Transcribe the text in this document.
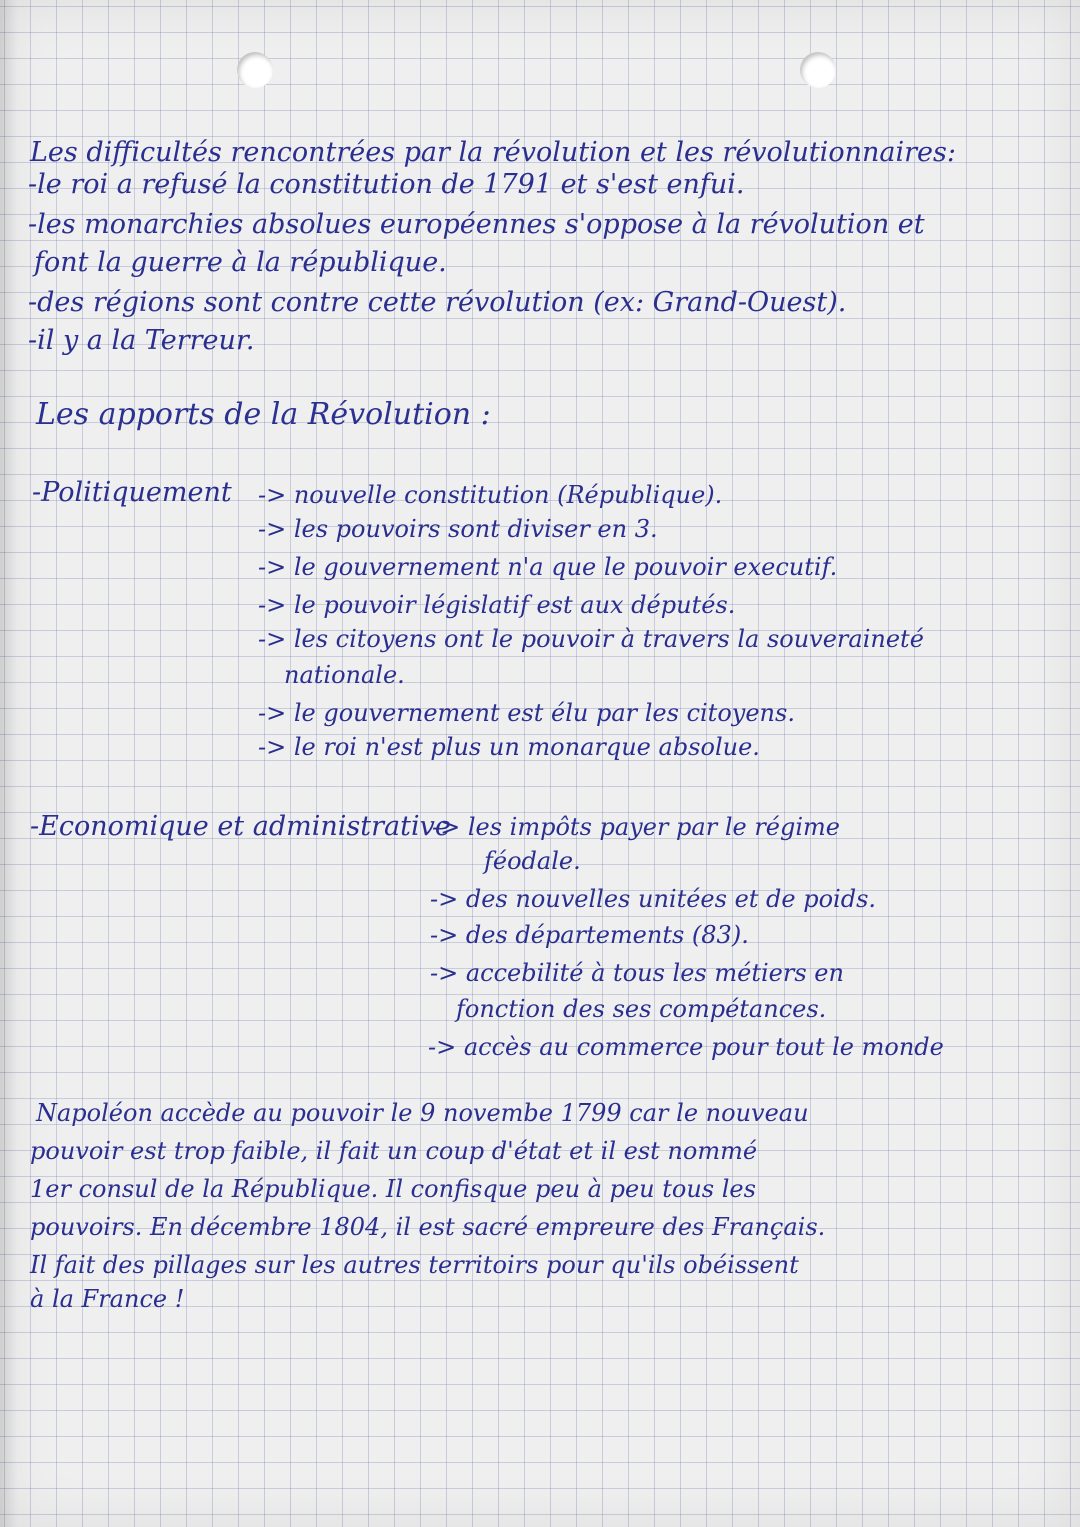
Les difficultés rencontrées par la révolution et les révolutionnaires:

-le roi a refusé la constitution de 1791 et s'est enfui.

-les monarchies absolues européennes s'oppose à la révolution et

font la guerre à la république.

-des régions sont contre cette révolution (ex: Grand-Ouest).

-il y a la Terreur.

Les apports de la Révolution :

-Politiquement -> nouvelle constitution (République).

-> les pouvoirs sont diviser en 3.

-> le gouvernement n'a que le pouvoir executif.

-> le pouvoir législatif est aux députés.

-> les citoyens ont le pouvoir à travers la souveraineté

nationale.

-> le gouvernement est élu par les citoyens.

-> le roi n'est plus un monarque absolue.

-Economique et administrative

-> les impôts payer par le régime

féodale.

-> des nouvelles unitées et de poids.

-> des départements (83).

-> accebilité à tous les métiers en

fonction des ses compétances.

-> accès au commerce pour tout le monde

Napoléon accède au pouvoir le 9 novembe 1799 car le nouveau

pouvoir est trop faible, il fait un coup d'état et il est nommé

1er consul de la République. Il confisque peu à peu tous les

pouvoirs. En décembre 1804, il est sacré empreure des Français.

Il fait des pillages sur les autres territoirs pour qu'ils obéissent

à la France !
